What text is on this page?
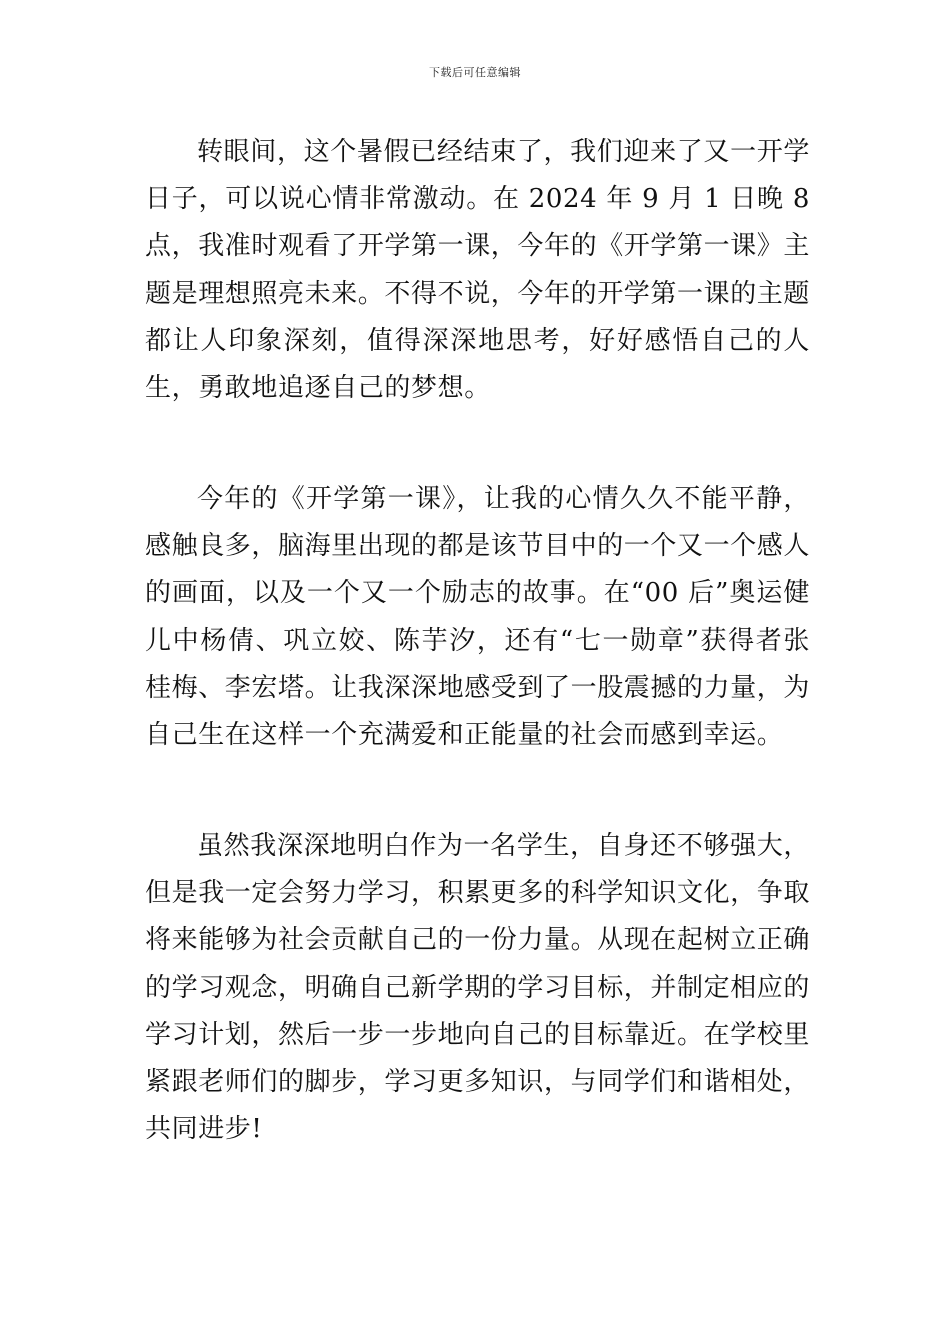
下载后可任意编辑

转眼间，这个暑假已经结束了，我们迎来了又一开学日子，可以说心情非常激动。在 2024 年 9 月 1 日晚 8 点，我准时观看了开学第一课，今年的《开学第一课》主题是理想照亮未来。不得不说，今年的开学第一课的主题都让人印象深刻，值得深深地思考，好好感悟自己的人生，勇敢地追逐自己的梦想。

今年的《开学第一课》，让我的心情久久不能平静，感触良多，脑海里出现的都是该节目中的一个又一个感人的画面，以及一个又一个励志的故事。在“00 后”奥运健儿中杨倩、巩立姣、陈芋汐，还有“七一勋章”获得者张桂梅、李宏塔。让我深深地感受到了一股震撼的力量，为自己生在这样一个充满爱和正能量的社会而感到幸运。

虽然我深深地明白作为一名学生，自身还不够强大，但是我一定会努力学习，积累更多的科学知识文化，争取将来能够为社会贡献自己的一份力量。从现在起树立正确的学习观念，明确自己新学期的学习目标，并制定相应的学习计划，然后一步一步地向自己的目标靠近。在学校里紧跟老师们的脚步，学习更多知识，与同学们和谐相处，共同进步!
